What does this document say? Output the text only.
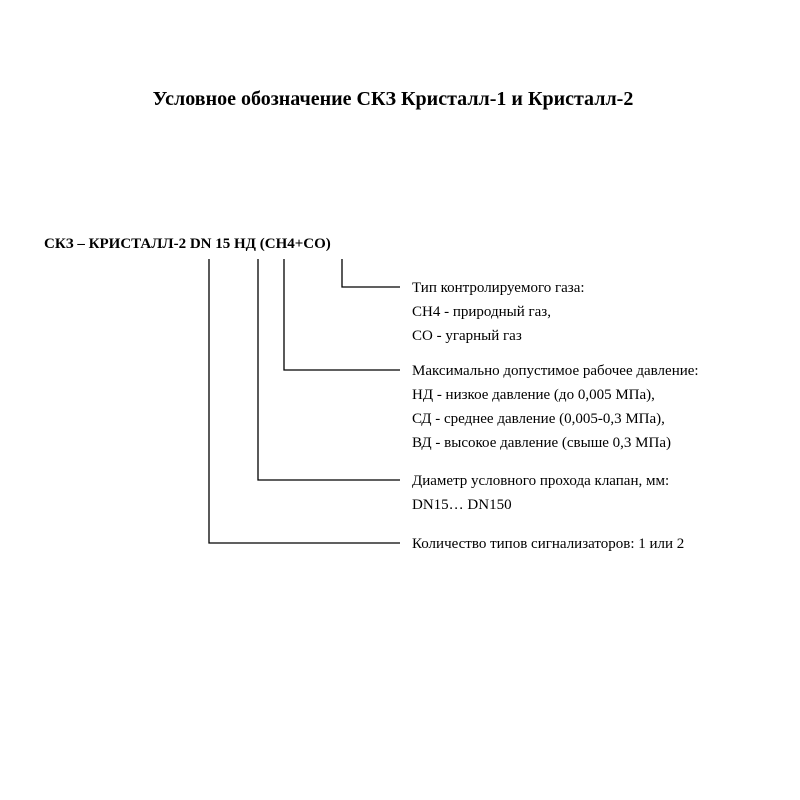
Условное обозначение СКЗ Кристалл-1 и Кристалл-2
СКЗ – КРИСТАЛЛ-2 DN 15 НД (CH4+CO)
Тип контролируемого газа:
CH4 - природный газ,
CO - угарный газ
Максимально допустимое рабочее давление:
НД - низкое давление (до 0,005 МПа),
СД - среднее давление (0,005-0,3 МПа),
ВД - высокое давление (свыше 0,3 МПа)
Диаметр условного прохода клапан, мм:
DN15… DN150
Количество типов сигнализаторов: 1 или 2
